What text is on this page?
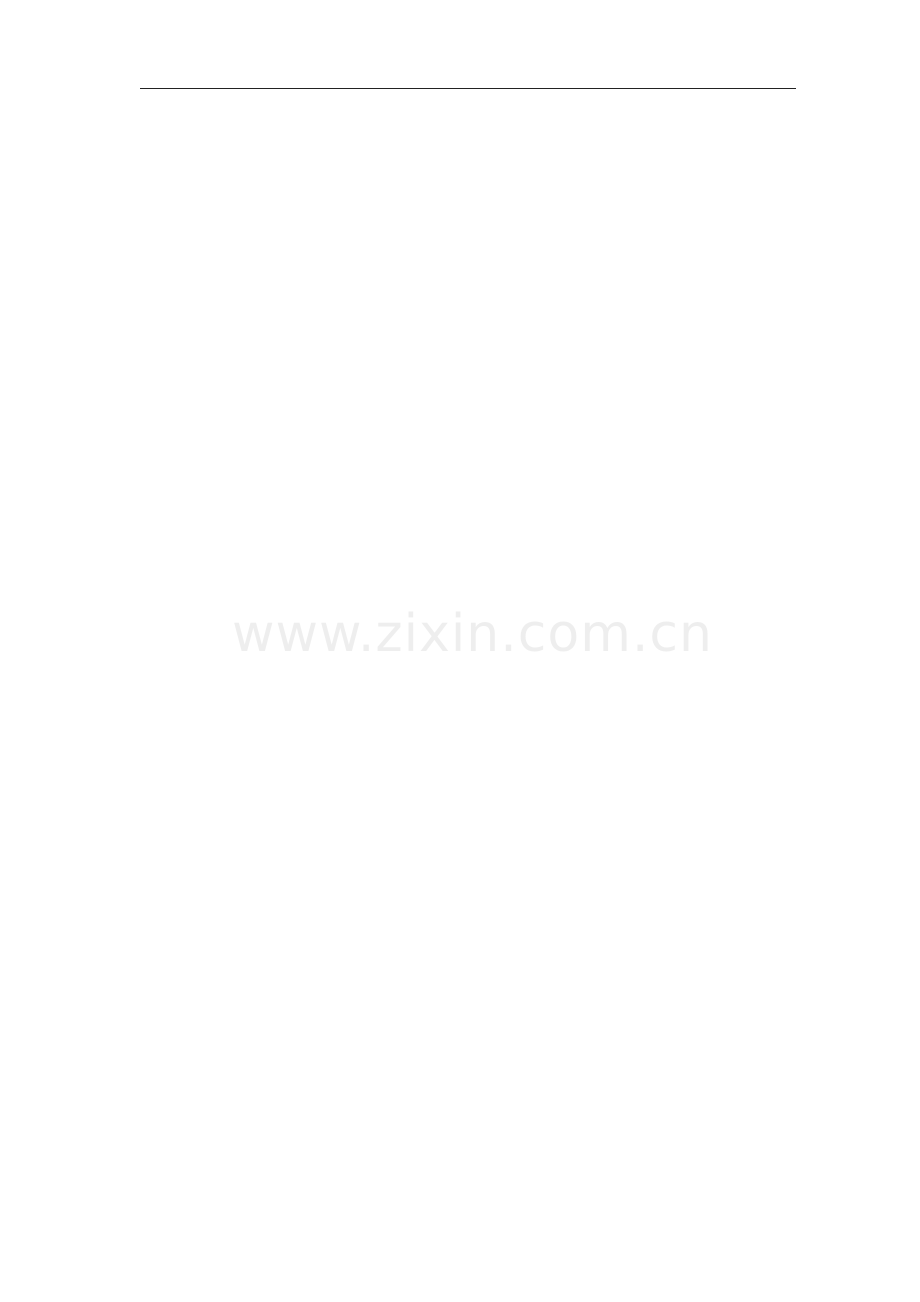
www.zixin.com.cn
